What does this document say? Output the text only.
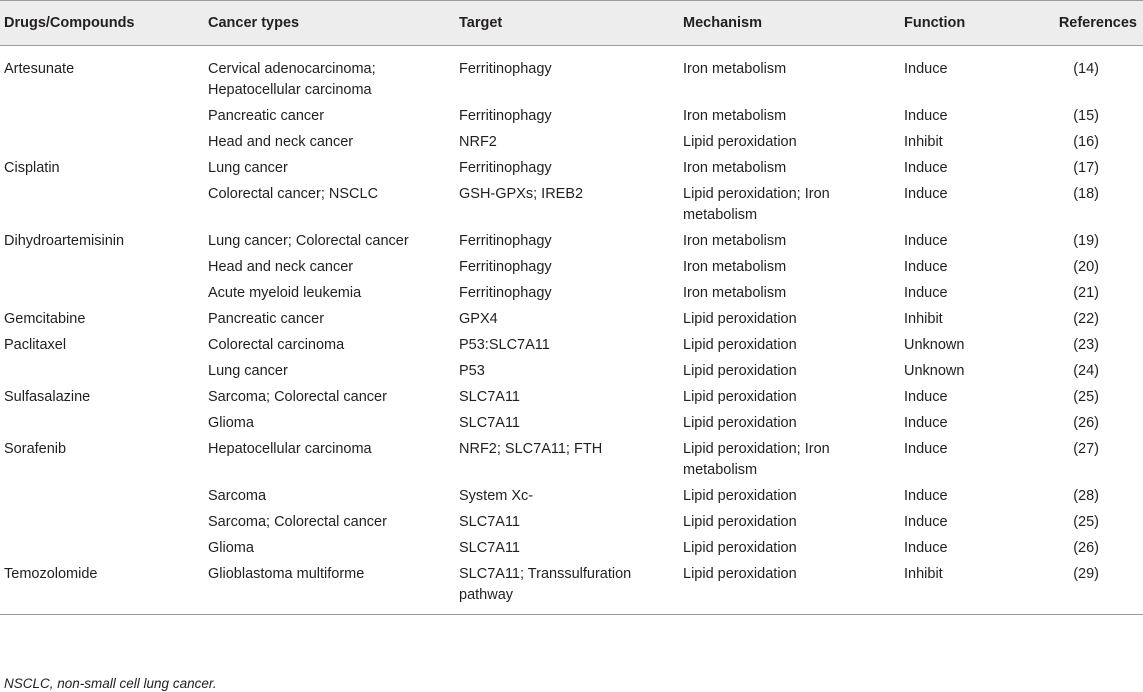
Drugs/Compounds	Cancer types	Target	Mechanism	Function	References
Artesunate	Cervical adenocarcinoma; Hepatocellular carcinoma	Ferritinophagy	Iron metabolism	Induce	(14)
	Pancreatic cancer	Ferritinophagy	Iron metabolism	Induce	(15)
	Head and neck cancer	NRF2	Lipid peroxidation	Inhibit	(16)
Cisplatin	Lung cancer	Ferritinophagy	Iron metabolism	Induce	(17)
	Colorectal cancer; NSCLC	GSH-GPXs; IREB2	Lipid peroxidation; Iron metabolism	Induce	(18)
Dihydroartemisinin	Lung cancer; Colorectal cancer	Ferritinophagy	Iron metabolism	Induce	(19)
	Head and neck cancer	Ferritinophagy	Iron metabolism	Induce	(20)
	Acute myeloid leukemia	Ferritinophagy	Iron metabolism	Induce	(21)
Gemcitabine	Pancreatic cancer	GPX4	Lipid peroxidation	Inhibit	(22)
Paclitaxel	Colorectal carcinoma	P53:SLC7A11	Lipid peroxidation	Unknown	(23)
	Lung cancer	P53	Lipid peroxidation	Unknown	(24)
Sulfasalazine	Sarcoma; Colorectal cancer	SLC7A11	Lipid peroxidation	Induce	(25)
	Glioma	SLC7A11	Lipid peroxidation	Induce	(26)
Sorafenib	Hepatocellular carcinoma	NRF2; SLC7A11; FTH	Lipid peroxidation; Iron metabolism	Induce	(27)
	Sarcoma	System Xc-	Lipid peroxidation	Induce	(28)
	Sarcoma; Colorectal cancer	SLC7A11	Lipid peroxidation	Induce	(25)
	Glioma	SLC7A11	Lipid peroxidation	Induce	(26)
Temozolomide	Glioblastoma multiforme	SLC7A11; Transsulfuration pathway	Lipid peroxidation	Inhibit	(29)
NSCLC, non-small cell lung cancer.
